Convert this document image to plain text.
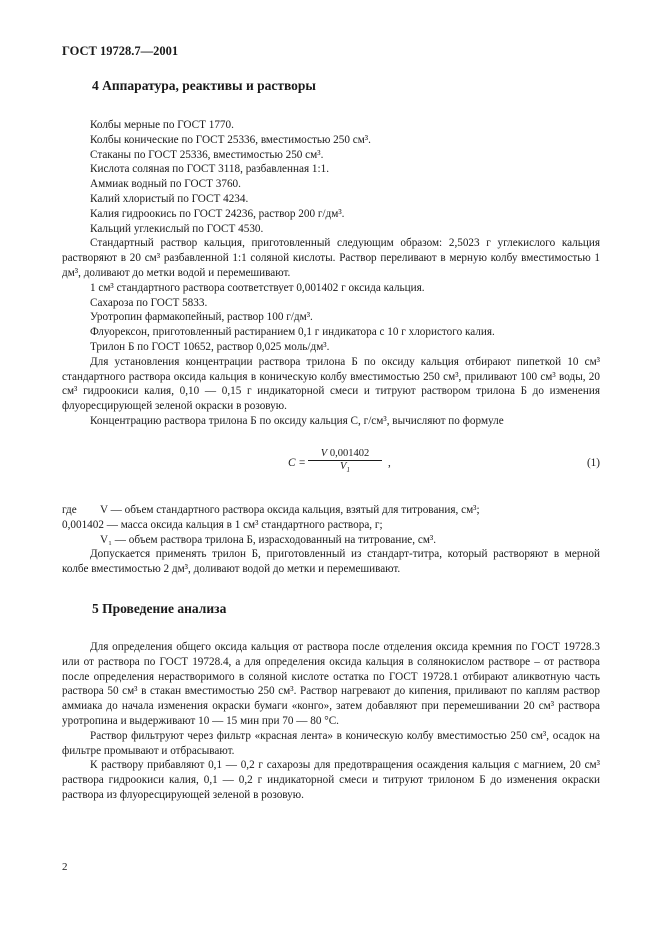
ГОСТ 19728.7—2001
4 Аппаратура, реактивы и растворы

Колбы мерные по ГОСТ 1770.

Колбы конические по ГОСТ 25336, вместимостью 250 см³.

Стаканы по ГОСТ 25336, вместимостью 250 см³.

Кислота соляная по ГОСТ 3118, разбавленная 1:1.

Аммиак водный по ГОСТ 3760.

Калий хлористый по ГОСТ 4234.

Калия гидроокись по ГОСТ 24236, раствор 200 г/дм³.

Кальций углекислый по ГОСТ 4530.

Стандартный раствор кальция, приготовленный следующим образом: 2,5023 г углекислого кальция растворяют в 20 см³ разбавленной 1:1 соляной кислоты. Раствор переливают в мерную колбу вместимостью 1 дм³, доливают до метки водой и перемешивают.

1 см³ стандартного раствора соответствует 0,001402 г оксида кальция.

Сахароза по ГОСТ 5833.

Уротропин фармакопейный, раствор 100 г/дм³.

Флуорексон, приготовленный растиранием 0,1 г индикатора с 10 г хлористого калия.

Трилон Б по ГОСТ 10652, раствор 0,025 моль/дм³.

Для установления концентрации раствора трилона Б по оксиду кальция отбирают пипеткой 10 см³ стандартного раствора оксида кальция в коническую колбу вместимостью 250 см³, приливают 100 см³ воды, 20 см³ гидроокиси калия, 0,10 — 0,15 г индикаторной смеси и титруют раствором трилона Б до изменения флуоресцирующей зеленой окраски в розовую.

Концентрацию раствора трилона Б по оксиду кальция C, г/см³, вычисляют по формуле

C =
V 0,001402
$V_1$
,	(1)
где	V — объем стандартного раствора оксида кальция, взятый для титрования, см³;

0,001402 — масса оксида кальция в 1 см³ стандартного раствора, г;

V₁ — объем раствора трилона Б, израсходованный на титрование, см³.

Допускается применять трилон Б, приготовленный из стандарт-титра, который растворяют в мерной колбе вместимостью 2 дм³, доливают водой до метки и перемешивают.

5 Проведение анализа

Для определения общего оксида кальция от раствора после отделения оксида кремния по ГОСТ 19728.3 или от раствора по ГОСТ 19728.4, а для определения оксида кальция в солянокислом растворе – от раствора после определения нерастворимого в соляной кислоте остатка по ГОСТ 19728.1 отбирают аликвотную часть раствора 50 см³ в стакан вместимостью 250 см³. Раствор нагревают до кипения, приливают по каплям раствор аммиака до начала изменения окраски бумаги «конго», затем добавляют при перемешивании 20 см³ раствора уротропина и выдерживают 10 — 15 мин при 70 — 80 °С.

Раствор фильтруют через фильтр «красная лента» в коническую колбу вместимостью 250 см³, осадок на фильтре промывают и отбрасывают.

К раствору прибавляют 0,1 — 0,2 г сахарозы для предотвращения осаждения кальция с магнием, 20 см³ раствора гидроокиси калия, 0,1 — 0,2 г индикаторной смеси и титруют трилоном Б до изменения окраски раствора из флуоресцирующей зеленой в розовую.

2
